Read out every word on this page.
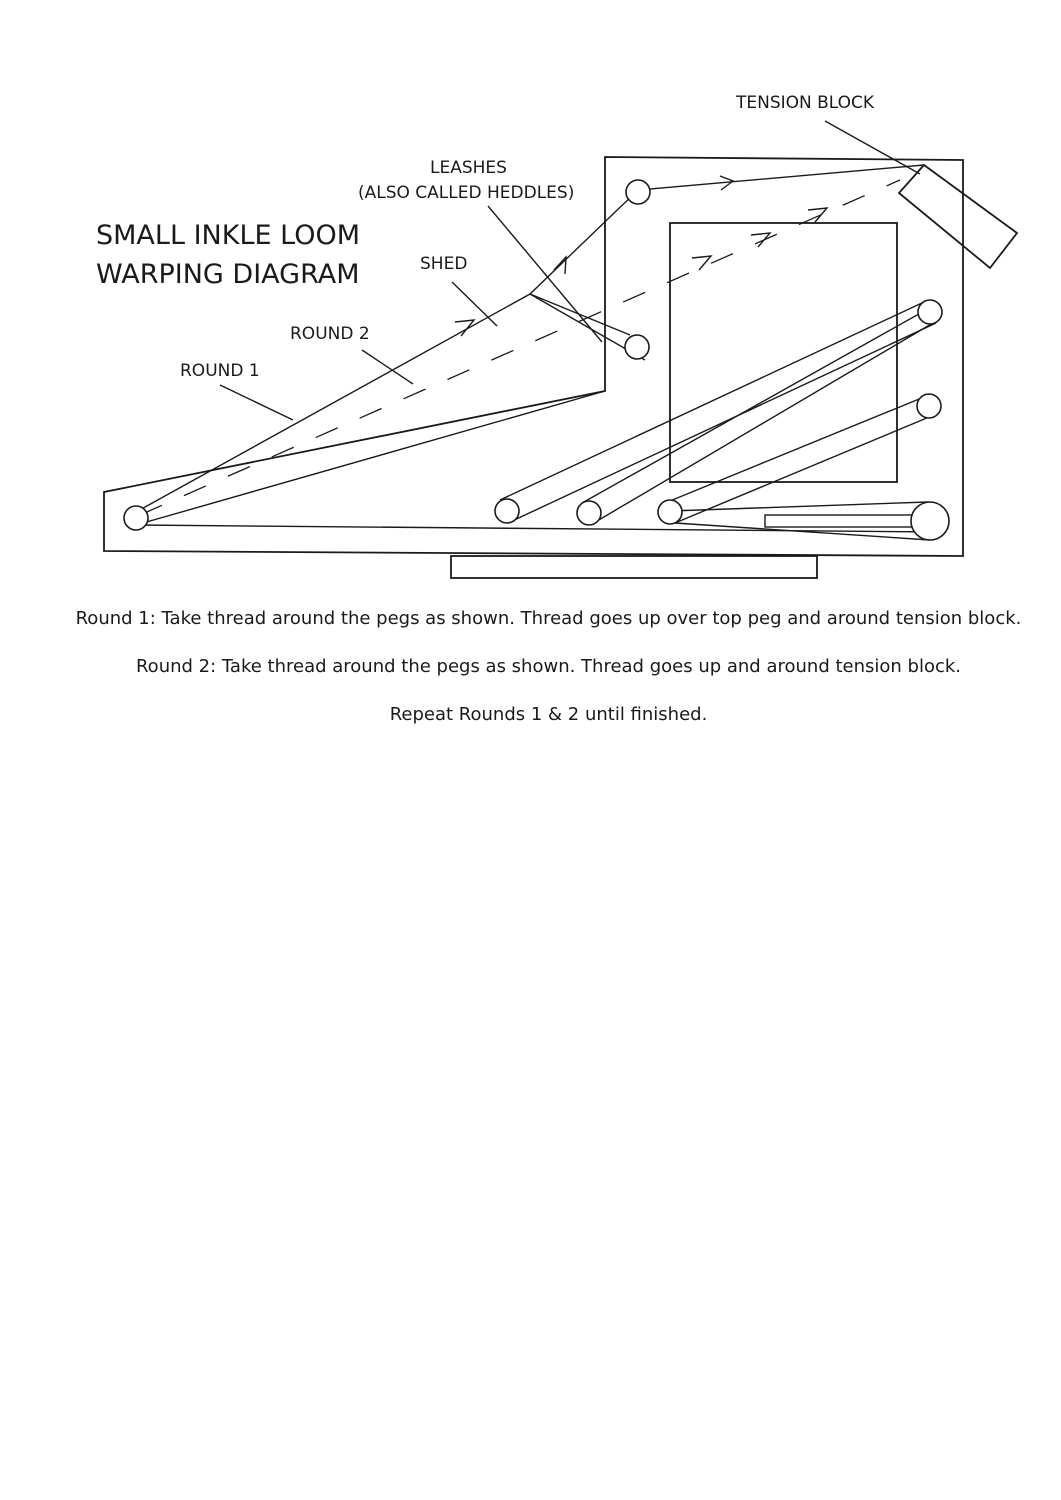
SMALL INKLE LOOM
WARPING DIAGRAM
TENSION BLOCK
LEASHES
(ALSO CALLED HEDDLES)
SHED
ROUND 2
ROUND 1

Round 1: Take thread around the pegs as shown. Thread goes up over top peg and around tension block.

Round 2: Take thread around the pegs as shown. Thread goes up and around tension block.

Repeat Rounds 1 & 2 until finished.
